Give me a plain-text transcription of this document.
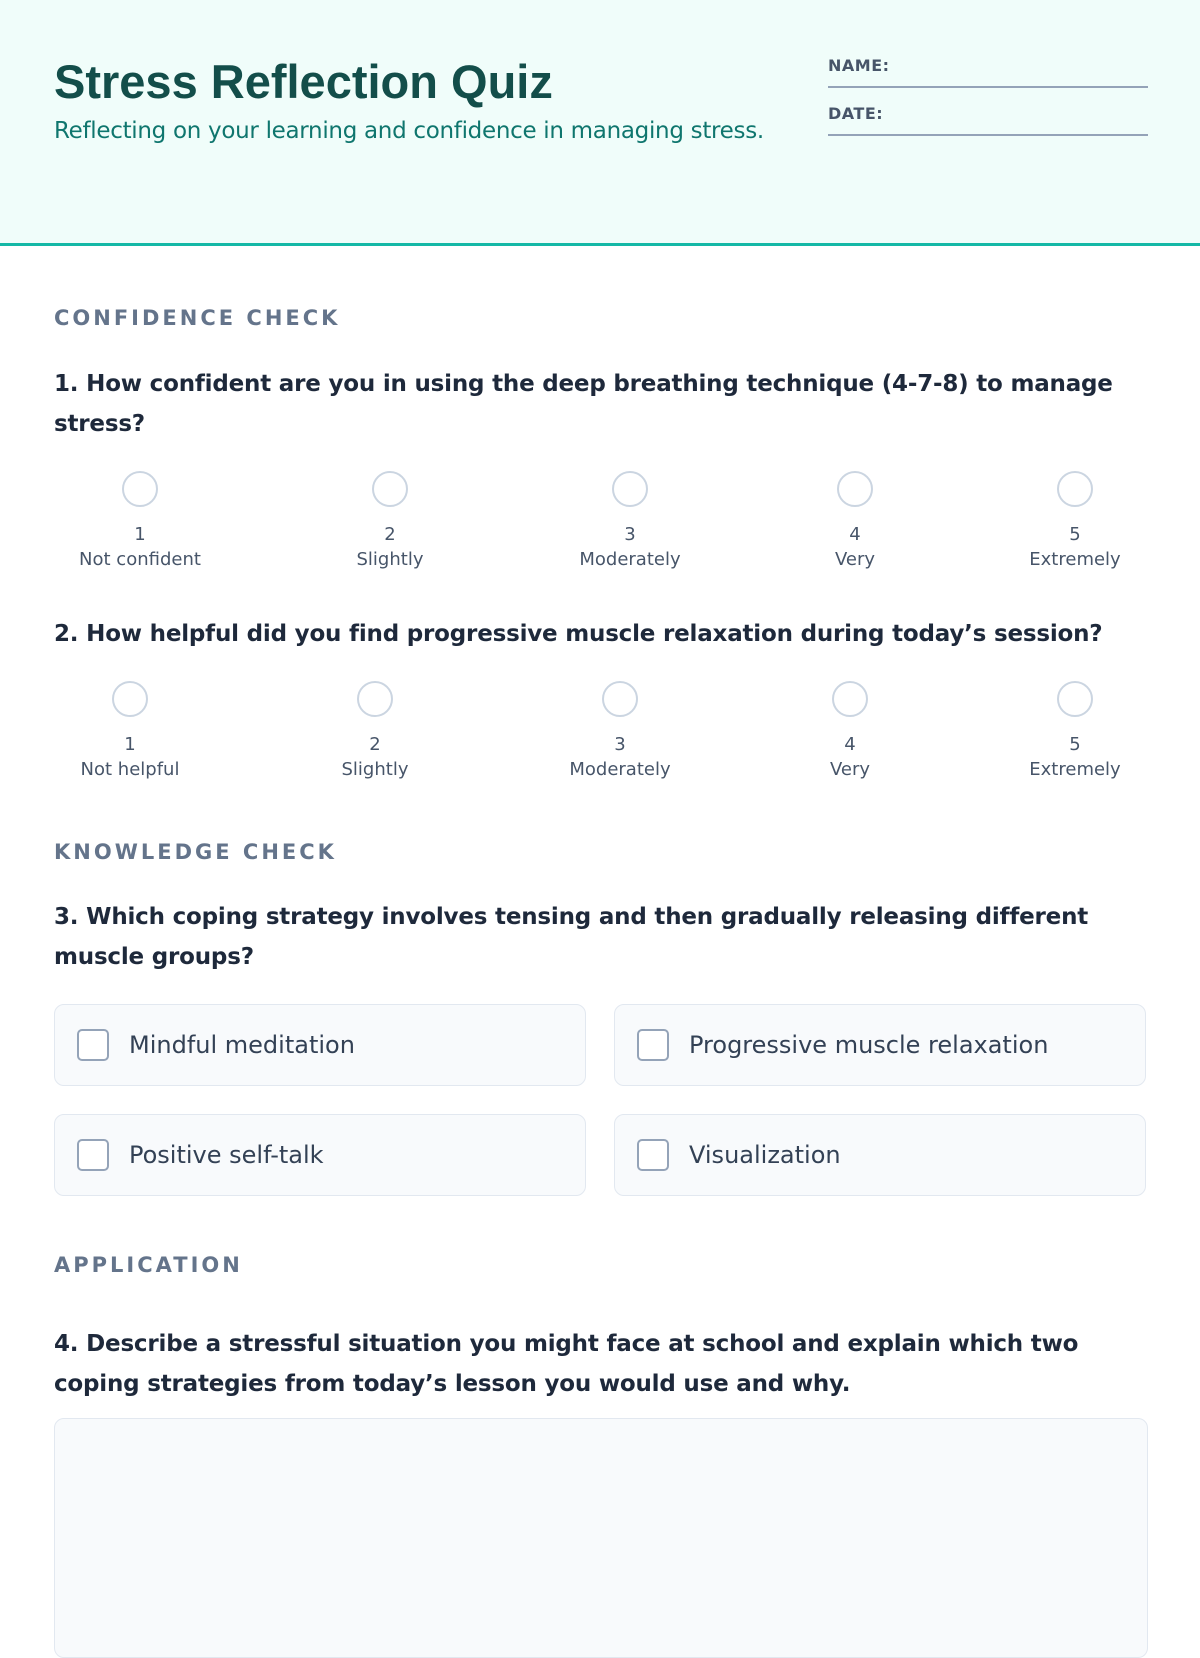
Stress Reflection Quiz
Reflecting on your learning and confidence in managing stress.
NAME:
DATE:
CONFIDENCE CHECK
1. How confident are you in using the deep breathing technique (4-7-8) to manage stress?
1
Not confident
2
Slightly
3
Moderately
4
Very
5
Extremely
2. How helpful did you find progressive muscle relaxation during today’s session?
1
Not helpful
2
Slightly
3
Moderately
4
Very
5
Extremely
KNOWLEDGE CHECK
3. Which coping strategy involves tensing and then gradually releasing different muscle groups?
Mindful meditation	Progressive muscle relaxation
Positive self-talk	Visualization
APPLICATION
4. Describe a stressful situation you might face at school and explain which two coping strategies from today’s lesson you would use and why.
